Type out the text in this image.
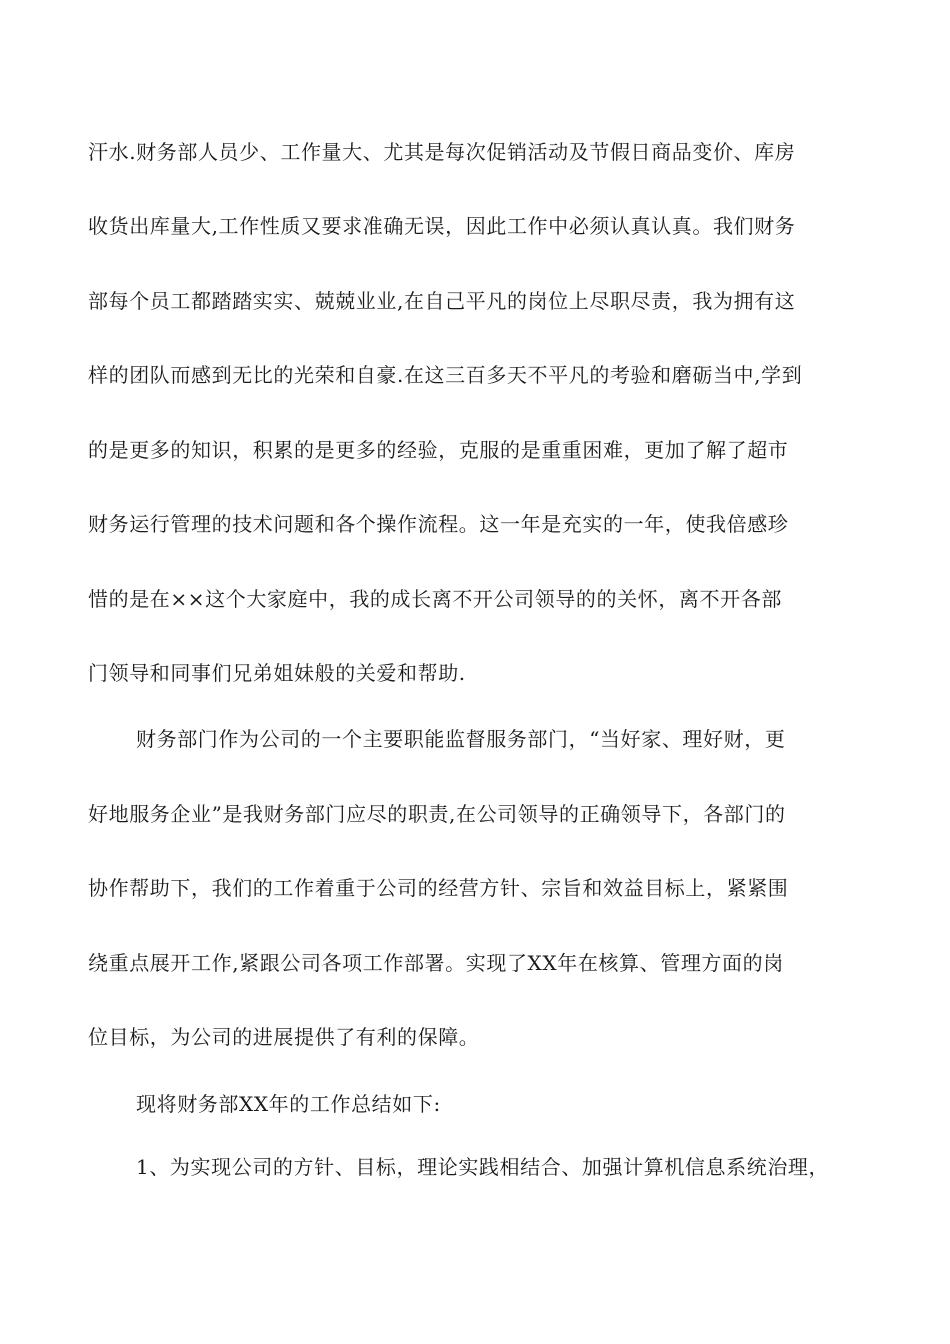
汗水.财务部人员少、工作量大、尤其是每次促销活动及节假日商品变价、库房
收货出库量大,工作性质又要求准确无误，因此工作中必须认真认真。我们财务
部每个员工都踏踏实实、兢兢业业,在自己平凡的岗位上尽职尽责，我为拥有这
样的团队而感到无比的光荣和自豪.在这三百多天不平凡的考验和磨砺当中,学到
的是更多的知识，积累的是更多的经验，克服的是重重困难，更加了解了超市
财务运行管理的技术问题和各个操作流程。这一年是充实的一年，使我倍感珍
惜的是在××这个大家庭中，我的成长离不开公司领导的的关怀，离不开各部
门领导和同事们兄弟姐妹般的关爱和帮助.
财务部门作为公司的一个主要职能监督服务部门，“当好家、理好财，更
好地服务企业”是我财务部门应尽的职责,在公司领导的正确领导下，各部门的
协作帮助下，我们的工作着重于公司的经营方针、宗旨和效益目标上，紧紧围
绕重点展开工作,紧跟公司各项工作部署。实现了XX年在核算、管理方面的岗
位目标，为公司的进展提供了有利的保障。
现将财务部XX年的工作总结如下:
1、为实现公司的方针、目标，理论实践相结合、加强计算机信息系统治理，
